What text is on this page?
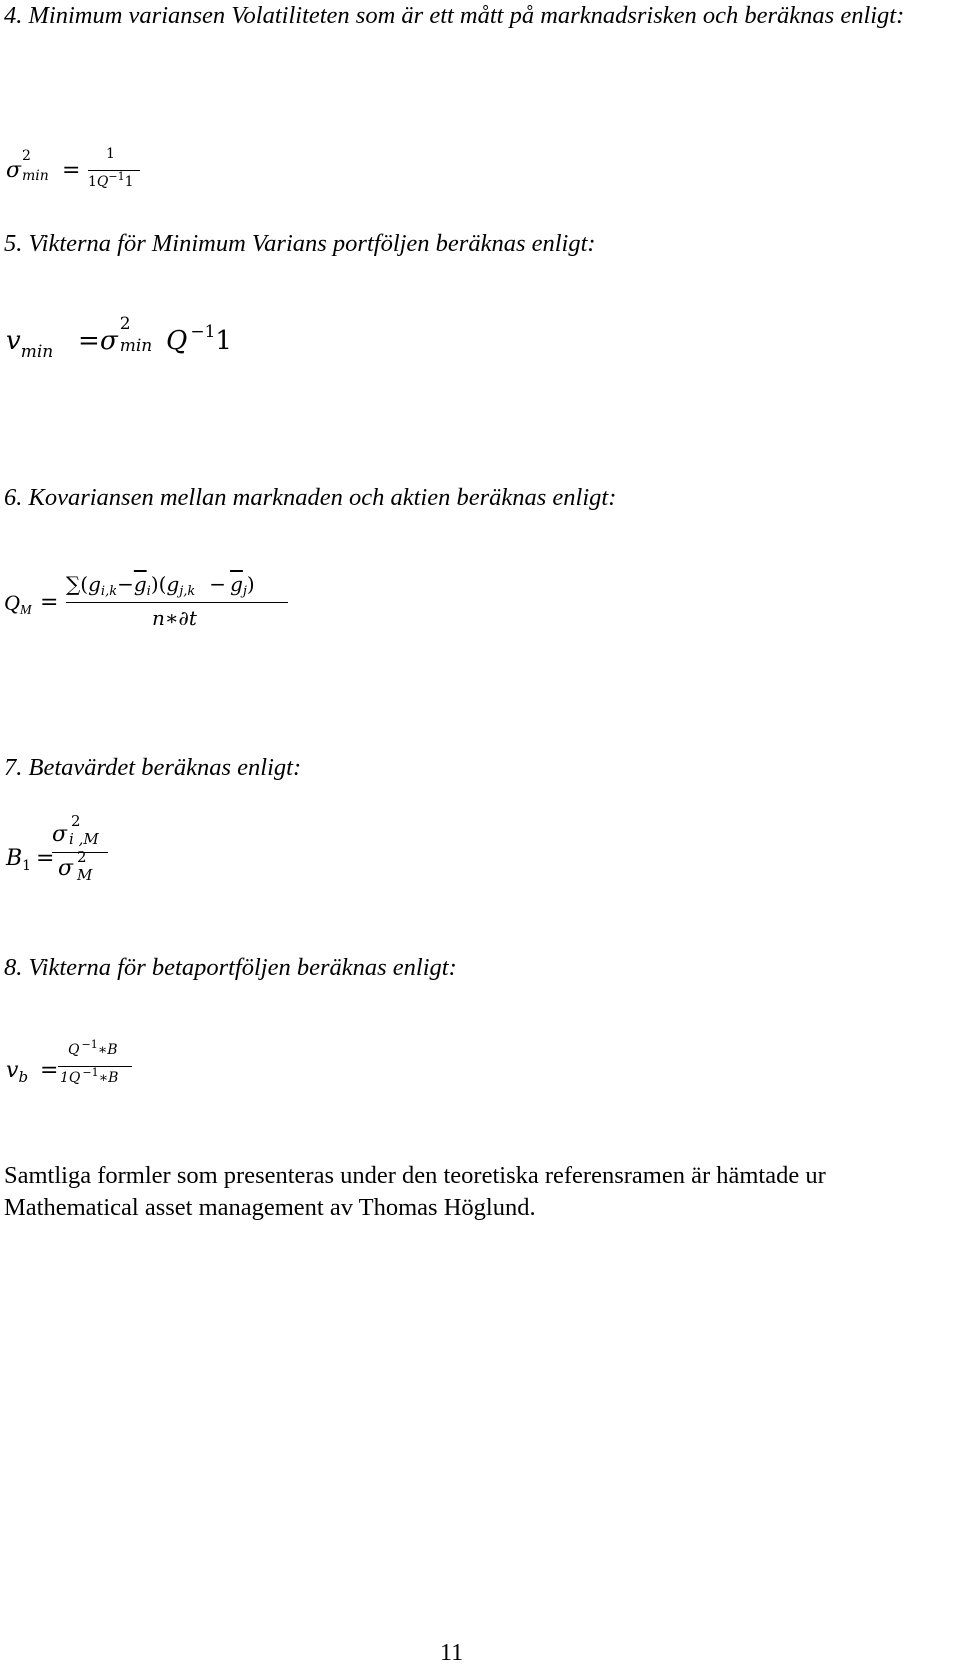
4. Minimum variansen Volatiliteten som är ett mått på marknadsrisken och beräknas enligt:

σ
2
min =
1
$1Q^{-1}1$

5. Vikterna för Minimum Varians portföljen beräknas enligt:

$v_{min} = \sigma$
2
min Q $^{-1}$1

6. Kovariansen mellan marknaden och aktien beräknas enligt:

QM =
$\sum(g_{i,k}-\overline{g}_i)(g_{j,k} - \overline{g}_j)$
n∗∂t

7. Betavärdet beräknas enligt:

$B_1$ =
σ
2
i ,M
σ 2
M

8. Vikterna för betaportföljen beräknas enligt:

$v_b$ =
Q $^{-1}$∗B
1Q $^{-1}$∗B

Samtliga formler som presenteras under den teoretiska referensramen är hämtade ur Mathematical asset management av Thomas Höglund.

11
